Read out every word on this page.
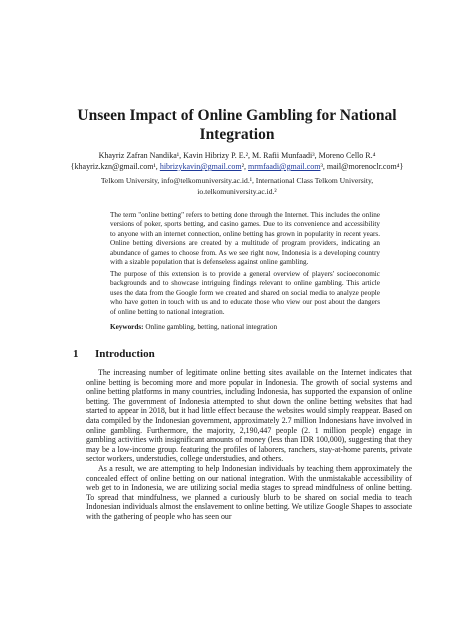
Unseen Impact of Online Gambling for National
Integration
Khayriz Zafran Nandika¹, Kavin Hibrizy P. E.², M. Rafii Munfaadi³, Moreno Cello R.⁴
{khayriz.kzn@gmail.com¹, hibrizykavin@gmail.com², mrmfaadi@gmail.com³, mail@morenoclr.com⁴}
Telkom University, info@telkomuniversity.ac.id.¹, International Class Telkom University,
io.telkomuniversity.ac.id.²

The term "online betting" refers to betting done through the Internet. This includes the online versions of poker, sports betting, and casino games. Due to its convenience and accessibility to anyone with an internet connection, online betting has grown in popularity in recent years. Online betting diversions are created by a multitude of program providers, indicating an abundance of games to choose from. As we see right now, Indonesia is a developing country with a sizable population that is defenseless against online gambling.

The purpose of this extension is to provide a general overview of players' socioeconomic backgrounds and to showcase intriguing findings relevant to online gambling. This article uses the data from the Google form we created and shared on social media to analyze people who have gotten in touch with us and to educate those who view our post about the dangers of online betting to national integration.

Keywords: Online gambling, betting, national integration

1 Introduction

The increasing number of legitimate online betting sites available on the Internet indicates that online betting is becoming more and more popular in Indonesia. The growth of social systems and online betting platforms in many countries, including Indonesia, has supported the expansion of online betting. The government of Indonesia attempted to shut down the online betting websites that had started to appear in 2018, but it had little effect because the websites would simply reappear. Based on data compiled by the Indonesian government, approximately 2.7 million Indonesians have involved in online gambling. Furthermore, the majority, 2,190,447 people (2. 1 million people) engage in gambling activities with insignificant amounts of money (less than IDR 100,000), suggesting that they may be a low-income group. featuring the profiles of laborers, ranchers, stay-at-home parents, private sector workers, understudies, college understudies, and others.

As a result, we are attempting to help Indonesian individuals by teaching them approximately the concealed effect of online betting on our national integration. With the unmistakable accessibility of web get to in Indonesia, we are utilizing social media stages to spread mindfulness of online betting. To spread that mindfulness, we planned a curiously blurb to be shared on social media to teach Indonesian individuals almost the enslavement to online betting. We utilize Google Shapes to associate with the gathering of people who has seen our
